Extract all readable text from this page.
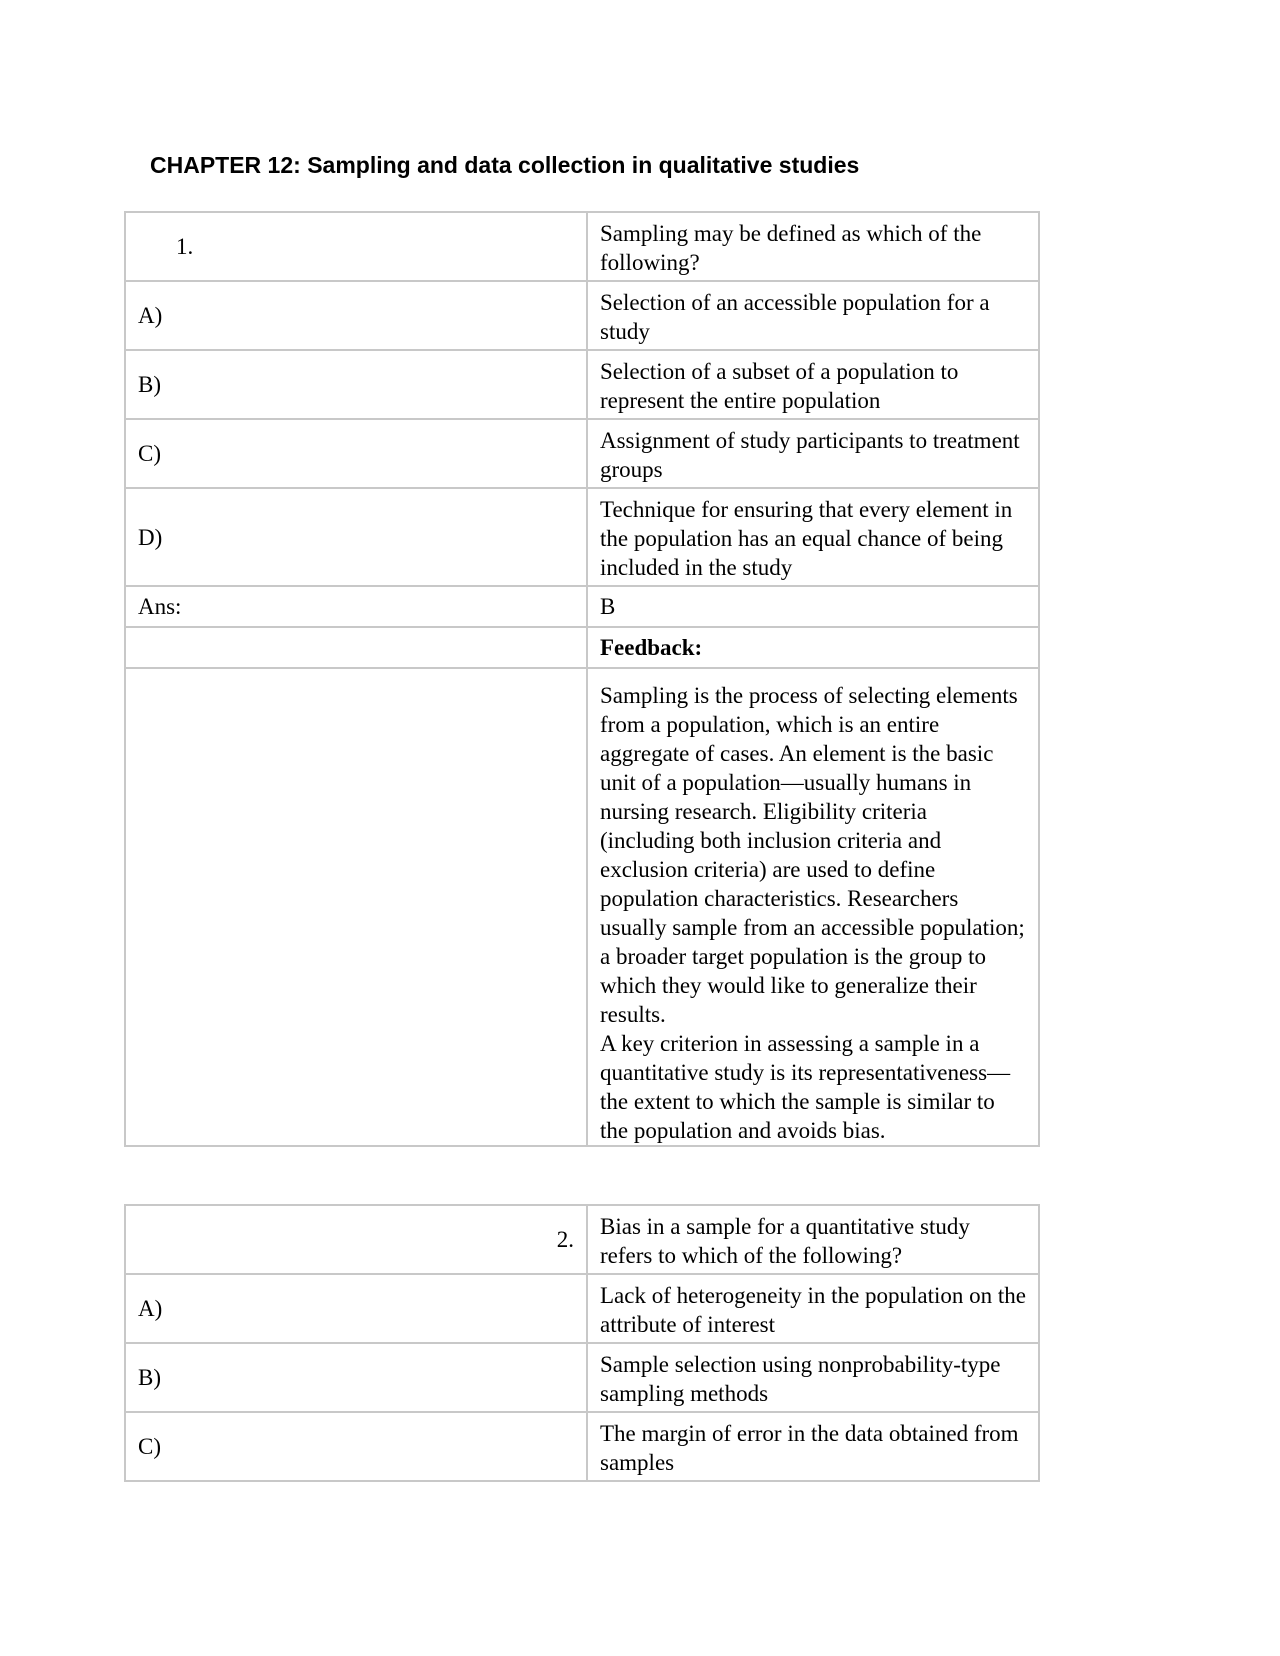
CHAPTER 12: Sampling and data collection in qualitative studies
1.	Sampling may be defined as which of the following?
A)	Selection of an accessible population for a study
B)	Selection of a subset of a population to represent the entire population
C)	Assignment of study participants to treatment groups
D)	Technique for ensuring that every element in the population has an equal chance of being included in the study
Ans:	B
	Feedback:

	Sampling is the process of selecting elements from a population, which is an entire aggregate of cases. An element is the basic unit of a population—usually humans in nursing research. Eligibility criteria (including both inclusion criteria and exclusion criteria) are used to define population characteristics. Researchers usually sample from an accessible population; a broader target population is the group to which they would like to generalize their results.
A key criterion in assessing a sample in a quantitative study is its representativeness—the extent to which the sample is similar to the population and avoids bias.
2.	Bias in a sample for a quantitative study refers to which of the following?
A)	Lack of heterogeneity in the population on the attribute of interest
B)	Sample selection using nonprobability-type sampling methods
C)	The margin of error in the data obtained from samples
